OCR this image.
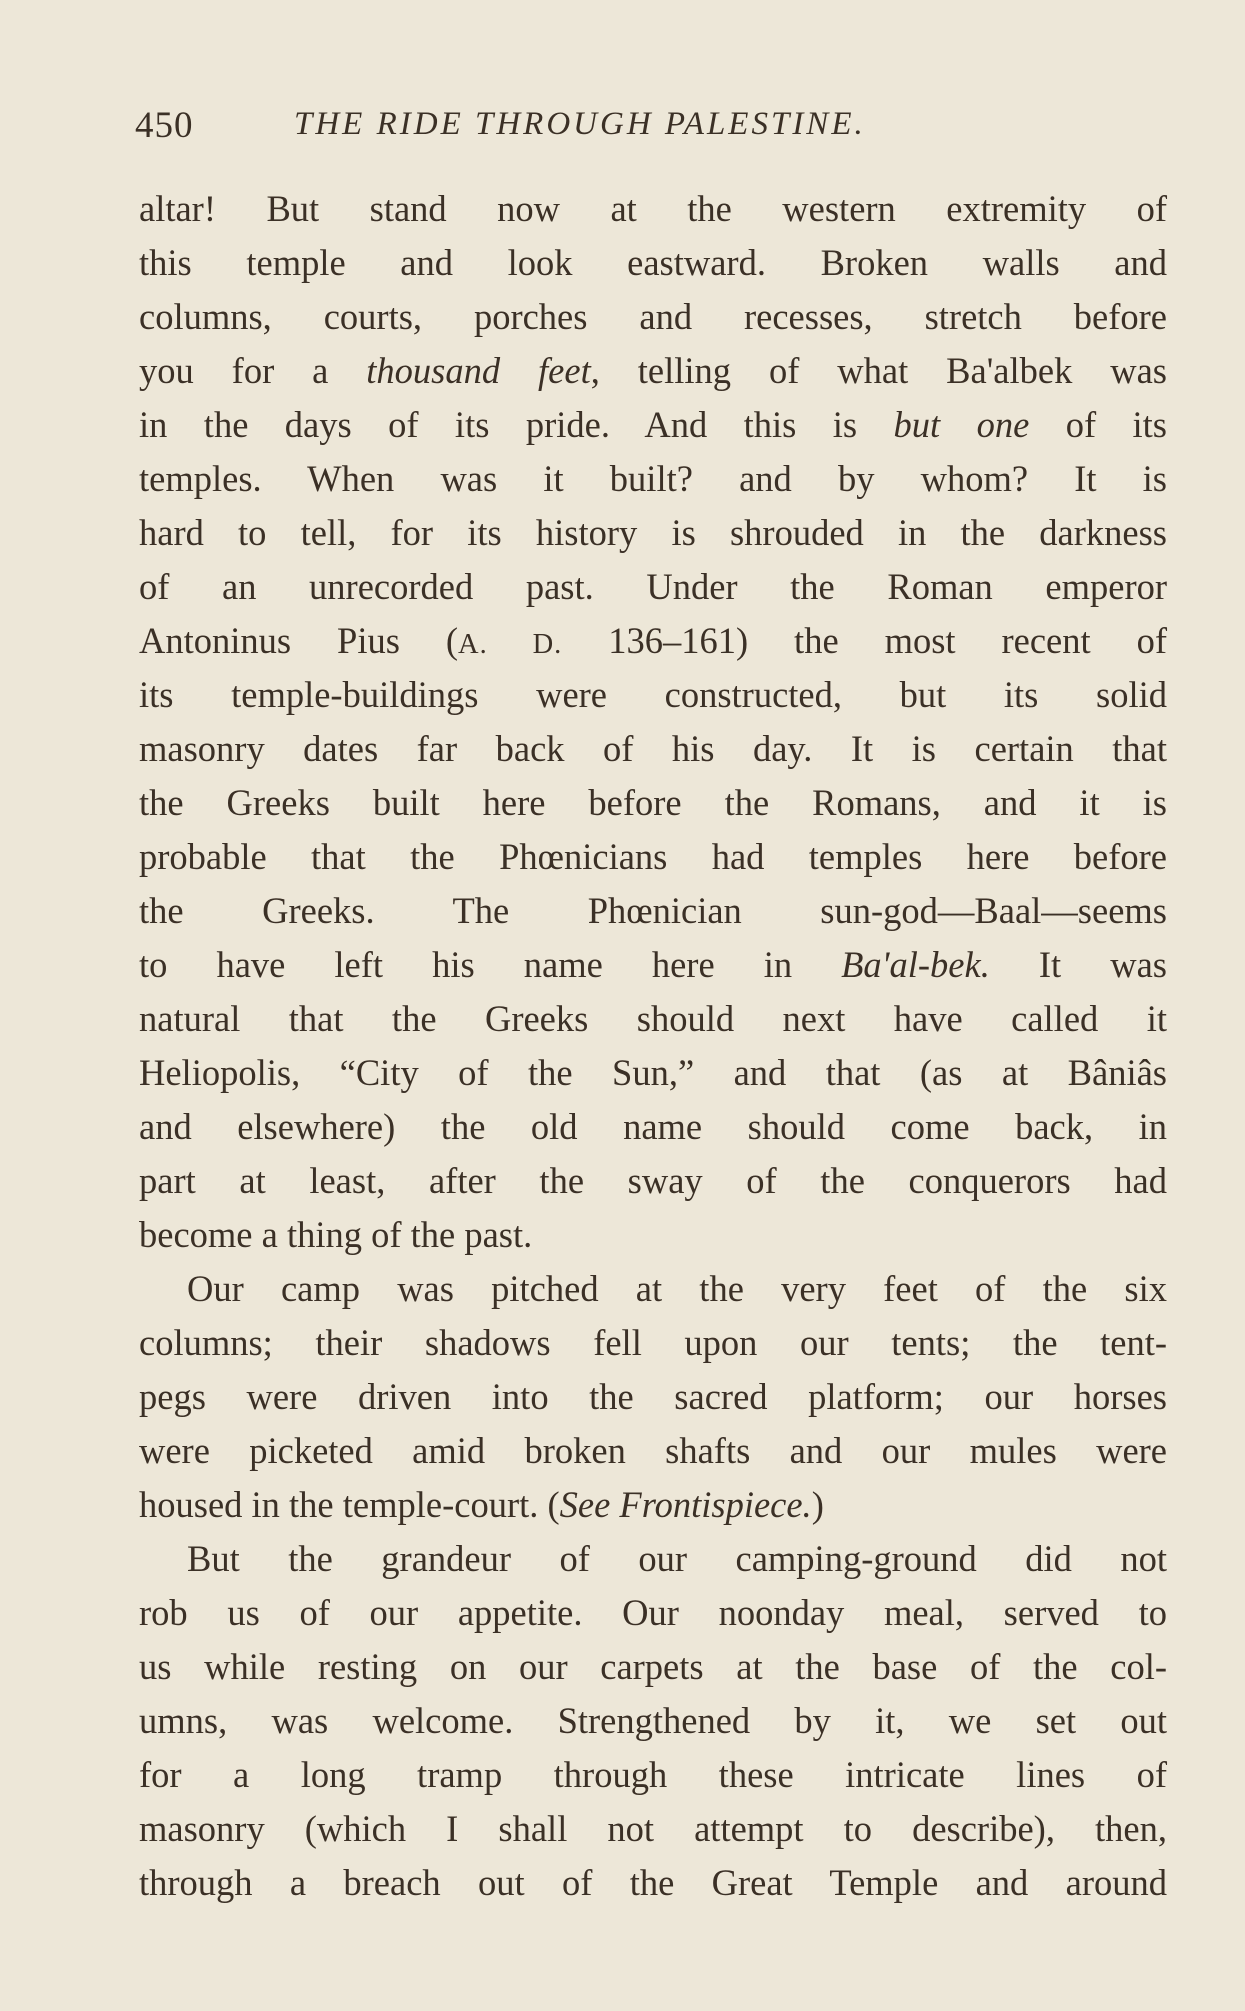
450	THE RIDE THROUGH PALESTINE.
altar! But stand now at the western extremity of
this temple and look eastward. Broken walls and
columns, courts, porches and recesses, stretch before
you for a thousand feet, telling of what Ba'albek was
in the days of its pride. And this is but one of its
temples. When was it built? and by whom? It is
hard to tell, for its history is shrouded in the darkness
of an unrecorded past. Under the Roman emperor
Antoninus Pius (A. D. 136–161) the most recent of
its temple-buildings were constructed, but its solid
masonry dates far back of his day. It is certain that
the Greeks built here before the Romans, and it is
probable that the Phœnicians had temples here before
the Greeks. The Phœnician sun-god—Baal—seems
to have left his name here in Ba'al-bek. It was
natural that the Greeks should next have called it
Heliopolis, “City of the Sun,” and that (as at Bâniâs
and elsewhere) the old name should come back, in
part at least, after the sway of the conquerors had
become a thing of the past.
Our camp was pitched at the very feet of the six
columns; their shadows fell upon our tents; the tent-
pegs were driven into the sacred platform; our horses
were picketed amid broken shafts and our mules were
housed in the temple-court. (See Frontispiece.)
But the grandeur of our camping-ground did not
rob us of our appetite. Our noonday meal, served to
us while resting on our carpets at the base of the col-
umns, was welcome. Strengthened by it, we set out
for a long tramp through these intricate lines of
masonry (which I shall not attempt to describe), then,
through a breach out of the Great Temple and around
